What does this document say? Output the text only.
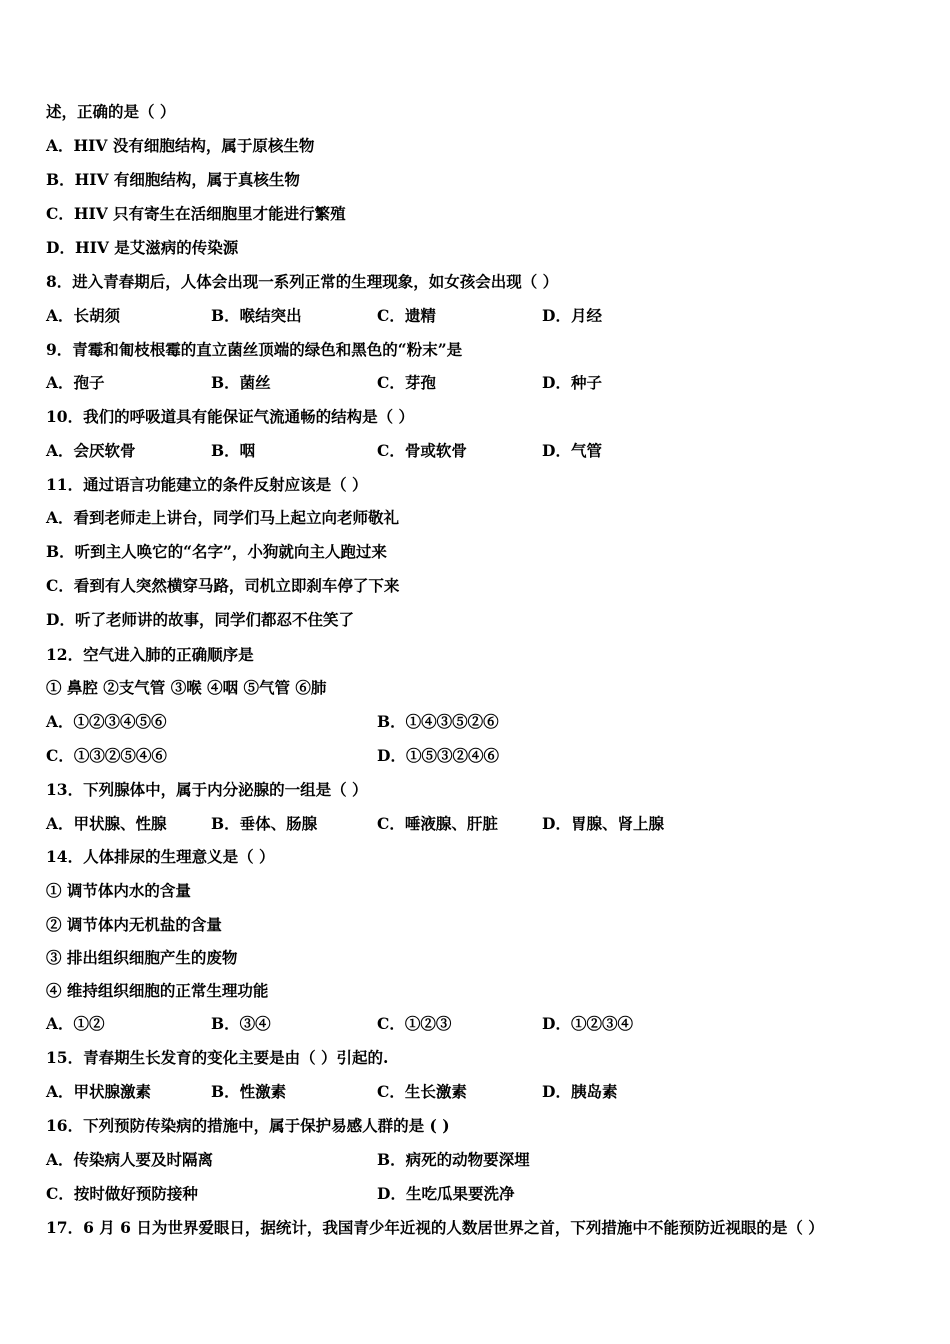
述，正确的是（ ）
A．HIV 没有细胞结构，属于原核生物
B．HIV 有细胞结构，属于真核生物
C．HIV 只有寄生在活细胞里才能进行繁殖
D．HIV 是艾滋病的传染源
8．进入青春期后，人体会出现一系列正常的生理现象，如女孩会出现（ ）
A．长胡须	B．喉结突出	C．遗精	D．月经
9．青霉和匍枝根霉的直立菌丝顶端的绿色和黑色的“粉末”是
A．孢子	B．菌丝	C．芽孢	D．种子
10．我们的呼吸道具有能保证气流通畅的结构是（ ）
A．会厌软骨	B．咽	C．骨或软骨	D．气管
11．通过语言功能建立的条件反射应该是（ ）
A．看到老师走上讲台，同学们马上起立向老师敬礼
B．听到主人唤它的“名字”，小狗就向主人跑过来
C．看到有人突然横穿马路，司机立即刹车停了下来
D．听了老师讲的故事，同学们都忍不住笑了
12．空气进入肺的正确顺序是
① 鼻腔 ②支气管 ③喉 ④咽 ⑤气管 ⑥肺
A．①②③④⑤⑥	B．①④③⑤②⑥
C．①③②⑤④⑥	D．①⑤③②④⑥
13．下列腺体中，属于内分泌腺的一组是（ ）
A．甲状腺、性腺	B．垂体、肠腺	C．唾液腺、肝脏	D．胃腺、肾上腺
14．人体排尿的生理意义是（ ）
① 调节体内水的含量
② 调节体内无机盐的含量
③ 排出组织细胞产生的废物
④ 维持组织细胞的正常生理功能
A．①②	B．③④	C．①②③	D．①②③④
15．青春期生长发育的变化主要是由（ ）引起的.
A．甲状腺激素	B．性激素	C．生长激素	D．胰岛素
16．下列预防传染病的措施中，属于保护易感人群的是 ( )
A．传染病人要及时隔离	B．病死的动物要深埋
C．按时做好预防接种	D．生吃瓜果要洗净
17．6 月 6 日为世界爱眼日，据统计，我国青少年近视的人数居世界之首，下列措施中不能预防近视眼的是（ ）
